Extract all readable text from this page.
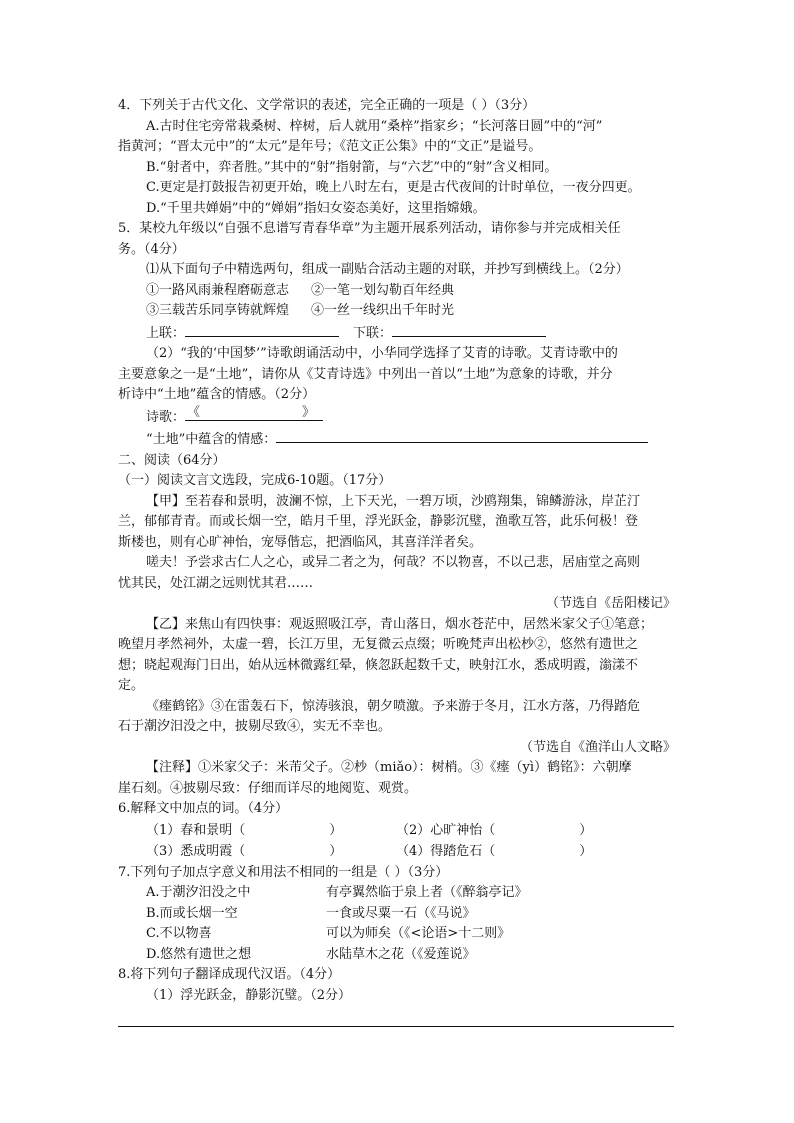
4．下列关于古代文化、文学常识的表述，完全正确的一项是（ ）（3分）
A.古时住宅旁常栽桑树、梓树，后人就用“桑梓”指家乡；“长河落日圆”中的“河”
指黄河；“晋太元中”的“太元”是年号；《范文正公集》中的“文正”是谥号。
B.“射者中，弈者胜。”其中的“射”指射箭，与“六艺”中的“射”含义相同。
C.更定是打鼓报告初更开始，晚上八时左右，更是古代夜间的计时单位，一夜分四更。
D.“千里共婵娟”中的“婵娟”指妇女姿态美好，这里指嫦娥。
5．某校九年级以“自强不息谱写青春华章”为主题开展系列活动，请你参与并完成相关任
务。（4分）
⑴从下面句子中精选两句，组成一副贴合活动主题的对联，并抄写到横线上。（2分）
①一路风雨兼程磨砺意志 ②一笔一划勾勒百年经典
③三载苦乐同享铸就辉煌 ④一丝一线织出千年时光
上联：	下联：
（2）“我的‘中国梦’”诗歌朗诵活动中，小华同学选择了艾青的诗歌。艾青诗歌中的
主要意象之一是“土地”，请你从《艾青诗选》中列出一首以“土地”为意象的诗歌，并分
析诗中“土地”蕴含的情感。（2分）
诗歌： 《	》
“土地”中蕴含的情感：
二、阅读（64分）
（一）阅读文言文选段，完成6-10题。（17分）
【甲】至若春和景明，波澜不惊，上下天光，一碧万顷，沙鸥翔集，锦鳞游泳，岸芷汀
兰，郁郁青青。而或长烟一空，皓月千里，浮光跃金，静影沉璧，渔歌互答，此乐何极！登
斯楼也，则有心旷神怡，宠辱偕忘，把酒临风，其喜洋洋者矣。
嗟夫！予尝求古仁人之心，或异二者之为，何哉？不以物喜，不以己悲，居庙堂之高则
忧其民，处江湖之远则忧其君……
（节选自《岳阳楼记》
【乙】来焦山有四快事：观返照吸江亭，青山落日，烟水苍茫中，居然米家父子①笔意；
晚望月孝然祠外，太虚一碧，长江万里，无复微云点缀；听晚梵声出松杪②，悠然有遗世之
想；晓起观海门日出，始从远林微露红晕，倏忽跃起数千丈，映射江水，悉成明霞，滃漾不
定。
《瘗鹤铭》③在雷轰石下，惊涛骇浪，朝夕喷激。予来游于冬月，江水方落，乃得踏危
石于潮汐汨没之中，披剔尽致④，实无不幸也。
（节选自《渔洋山人文略》
【注释】①米家父子：米芾父子。②杪（miǎo）：树梢。③《瘗（yì）鹤铭》：六朝摩
崖石刻。④披剔尽致：仔细而详尽的地阅览、观赏。
6.解释文中加点的词。（4分）
（1）春和景明（	）	（2）心旷神怡（	）
（3）悉成明霞（	）	（4）得踏危石（	）
7.下列句子加点字意义和用法不相同的一组是（ ）（3分）
A.于潮汐汨没之中	有亭翼然临于泉上者（《醉翁亭记》
B.而或长烟一空	一食或尽粟一石（《马说》
C.不以物喜	可以为师矣（《<论语>十二则》
D.悠然有遗世之想	水陆草木之花（《爱莲说》
8.将下列句子翻译成现代汉语。（4分）
（1）浮光跃金，静影沉璧。（2分）
